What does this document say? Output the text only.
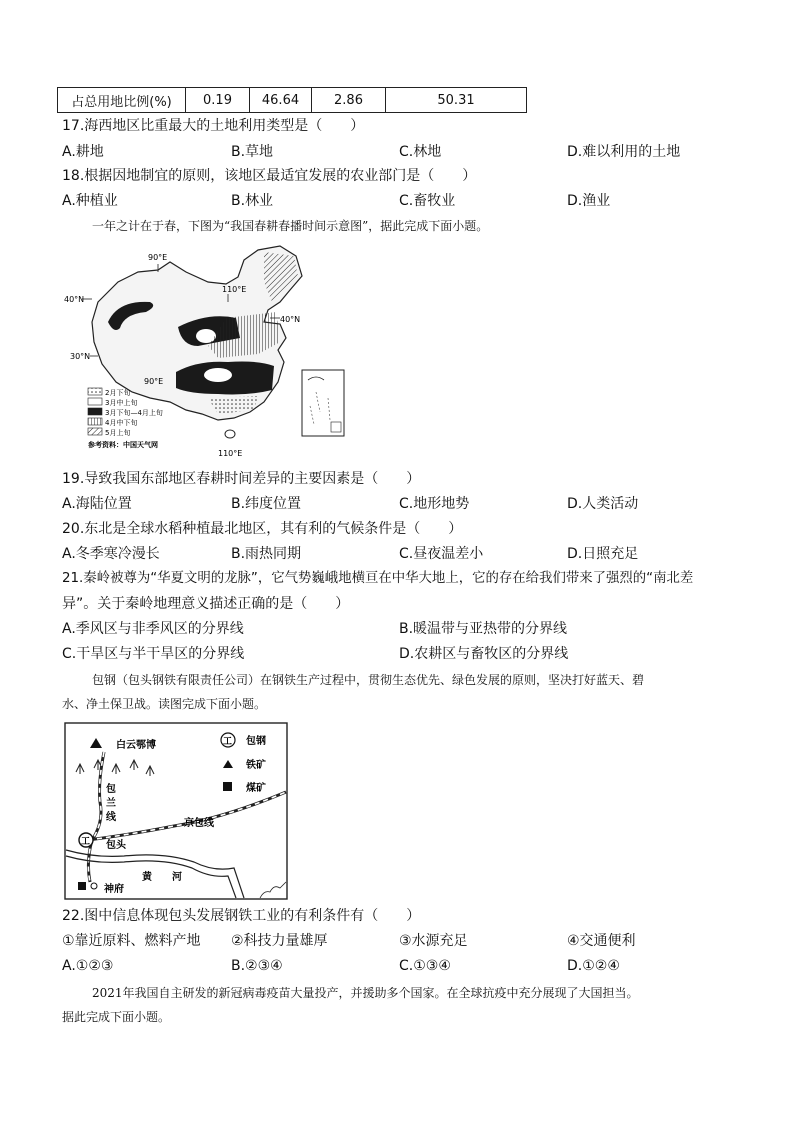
占总用地比例(%)	0.19	46.64	2.86	50.31
17.海西地区比重最大的土地利用类型是（　　）
A.耕地	B.草地	C.林地	D.难以利用的土地
18.根据因地制宜的原则，该地区最适宜发展的农业部门是（　　）
A.种植业	B.林业	C.畜牧业	D.渔业
一年之计在于春，下图为“我国春耕春播时间示意图”，据此完成下面小题。
90°E
110°E
110°E
40°N
40°N
30°N
90°E
2月下旬
3月中上旬
3月下旬—4月上旬
4月中下旬
5月上旬
参考资料：中国天气网
19.导致我国东部地区春耕时间差异的主要因素是（　　）
A.海陆位置	B.纬度位置	C.地形地势	D.人类活动
20.东北是全球水稻种植最北地区，其有利的气候条件是（　　）
A.冬季寒冷漫长	B.雨热同期	C.昼夜温差小	D.日照充足
21.秦岭被尊为“华夏文明的龙脉”，它气势巍峨地横亘在中华大地上，它的存在给我们带来了强烈的“南北差
异”。关于秦岭地理意义描述正确的是（　　）
A.季风区与非季风区的分界线	B.暖温带与亚热带的分界线
C.干旱区与半干旱区的分界线	D.农耕区与畜牧区的分界线
包钢（包头钢铁有限责任公司）在钢铁生产过程中，贯彻生态优先、绿色发展的原则，坚决打好蓝天、碧
水、净土保卫战。读图完成下面小题。
白云鄂博
包
兰
线
京包线
黄 河
工 包头
神府
工 包钢
铁矿
煤矿
22.图中信息体现包头发展钢铁工业的有利条件有（　　）
①靠近原料、燃料产地 ②科技力量雄厚	③水源充足	④交通便利
A.①②③	B.②③④	C.①③④	D.①②④
2021年我国自主研发的新冠病毒疫苗大量投产，并援助多个国家。在全球抗疫中充分展现了大国担当。
据此完成下面小题。
